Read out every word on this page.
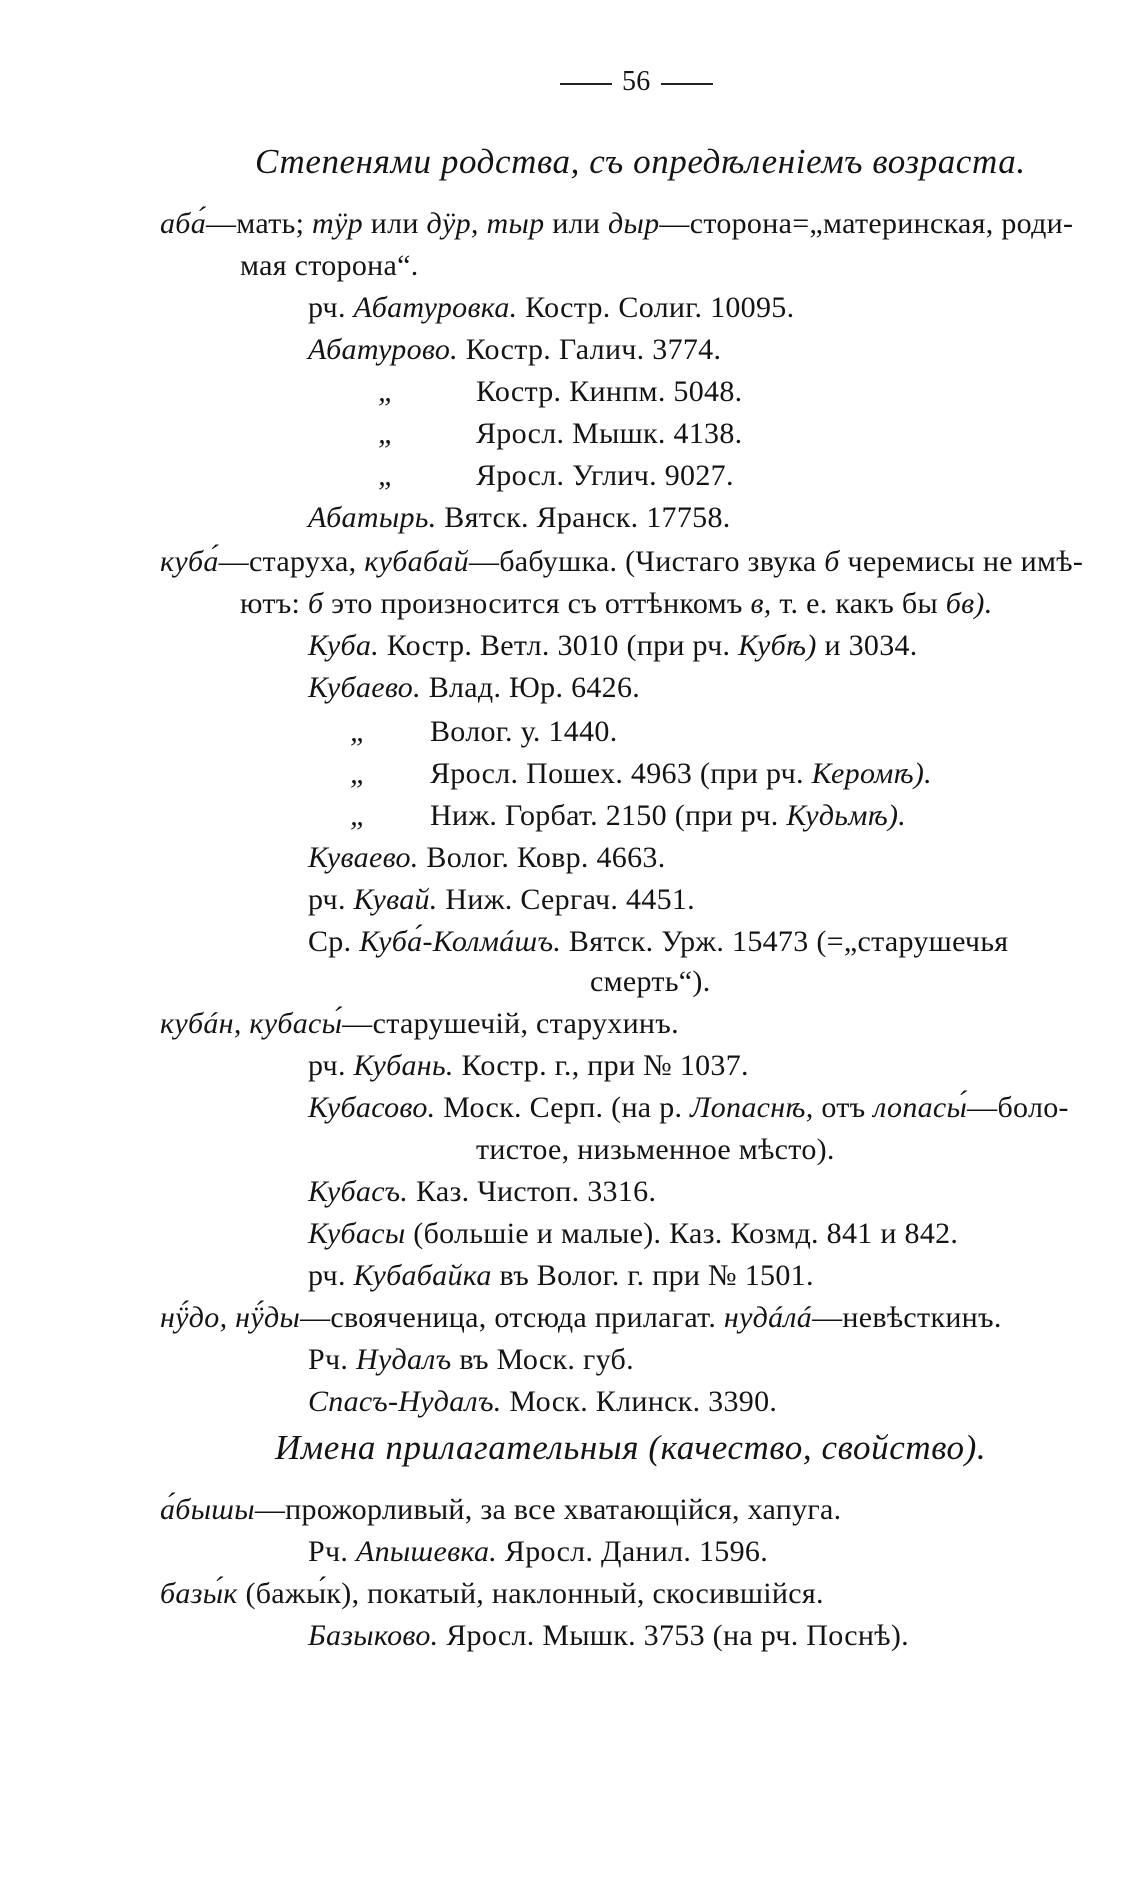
56
Степенями родства, съ опредѣленіемъ возраста.
аба́—мать; тӱр или дӱр, тыр или дыр—сторона=„материнская, роди-
мая сторона“.
рч. Абатуровка. Костр. Солиг. 10095.
Абатурово. Костр. Галич. 3774.
„	Костр. Кинпм. 5048.
„	Яросл. Мышк. 4138.
„	Яросл. Углич. 9027.
Абатырь. Вятск. Яранск. 17758.
куба́—старуха, кубабай—бабушка. (Чистаго звука б черемисы не имѣ-
ютъ: б это произносится съ оттѣнкомъ в, т. е. какъ бы бв).
Куба. Костр. Ветл. 3010 (при рч. Кубѣ) и 3034.
Кубаево. Влад. Юр. 6426.
„ Волог. у. 1440.
„ Яросл. Пошех. 4963 (при рч. Керомѣ).
„ Ниж. Горбат. 2150 (при рч. Кудьмѣ).
Куваево. Волог. Ковр. 4663.
рч. Кувай. Ниж. Сергач. 4451.
Ср. Куба́-Колмáшъ. Вятск. Урж. 15473 (=„старушечья
смерть“).
кубáн, кубасы́—старушечій, старухинъ.
рч. Кубань. Костр. г., при № 1037.
Кубасово. Моск. Серп. (на р. Лопаснѣ, отъ лопасы́—боло-
тистое, низьменное мѣсто).
Кубасъ. Каз. Чистоп. 3316.
Кубасы (большіе и малые). Каз. Козмд. 841 и 842.
рч. Кубабайка въ Волог. г. при № 1501.
нӱ́до, нӱ́ды—свояченица, отсюда прилагат. нудáлá—невѣсткинъ.
Рч. Нудалъ въ Моск. губ.
Спасъ-Нудалъ. Моск. Клинск. 3390.
Имена прилагательныя (качество, свойство).
а́бышы—прожорливый, за все хватающійся, хапуга.
Рч. Апышевка. Яросл. Данил. 1596.
базы́к (бажы́к), покатый, наклонный, скосившійся.
Базыково. Яросл. Мышк. 3753 (на рч. Поснѣ).
